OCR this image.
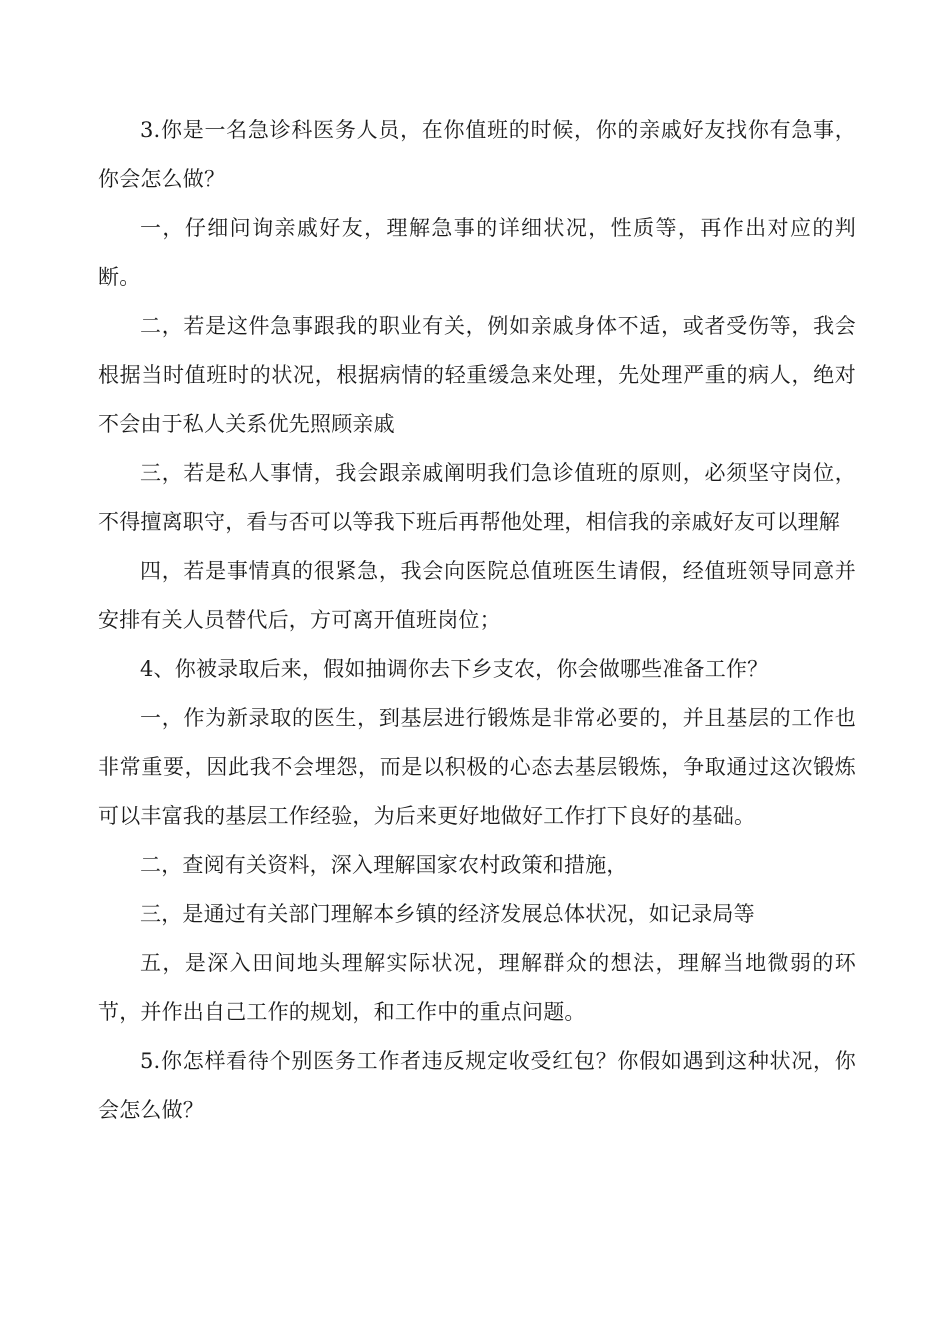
3.你是一名急诊科医务人员，在你值班的时候，你的亲戚好友找你有急事，你会怎么做？

一，仔细问询亲戚好友，理解急事的详细状况，性质等，再作出对应的判断。

二，若是这件急事跟我的职业有关，例如亲戚身体不适，或者受伤等，我会根据当时值班时的状况，根据病情的轻重缓急来处理，先处理严重的病人，绝对不会由于私人关系优先照顾亲戚

三，若是私人事情，我会跟亲戚阐明我们急诊值班的原则，必须坚守岗位，不得擅离职守，看与否可以等我下班后再帮他处理，相信我的亲戚好友可以理解

四，若是事情真的很紧急，我会向医院总值班医生请假，经值班领导同意并安排有关人员替代后，方可离开值班岗位；

4、你被录取后来，假如抽调你去下乡支农，你会做哪些准备工作？

一，作为新录取的医生，到基层进行锻炼是非常必要的，并且基层的工作也非常重要，因此我不会埋怨，而是以积极的心态去基层锻炼，争取通过这次锻炼可以丰富我的基层工作经验，为后来更好地做好工作打下良好的基础。

二，查阅有关资料，深入理解国家农村政策和措施，

三，是通过有关部门理解本乡镇的经济发展总体状况，如记录局等

五，是深入田间地头理解实际状况，理解群众的想法，理解当地微弱的环节，并作出自己工作的规划，和工作中的重点问题。

5.你怎样看待个别医务工作者违反规定收受红包？你假如遇到这种状况，你会怎么做？
